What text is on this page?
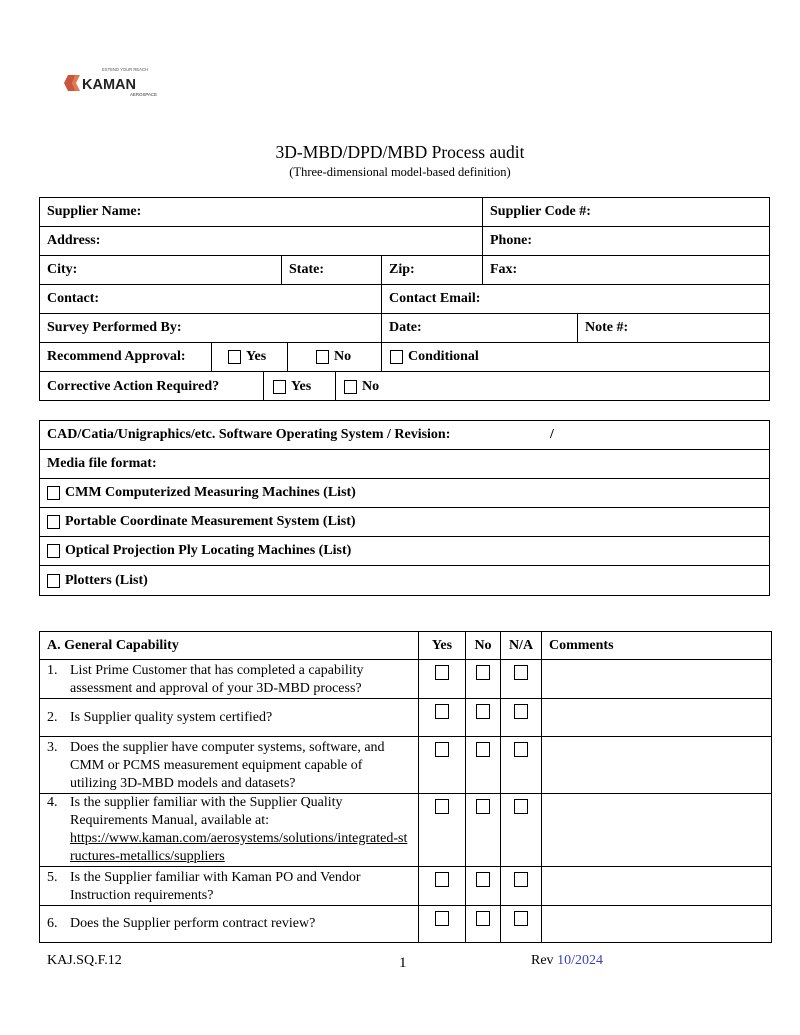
EXTEND YOUR REACH
KAMAN
AEROSPACE
3D-MBD/DPD/MBD Process audit
(Three-dimensional model-based definition)
Supplier Name:	Supplier Code #:
Address:	Phone:
City:	State:	Zip:	Fax:
Contact:	Contact Email:
Survey Performed By:	Date:	Note #:
Recommend Approval:	Yes	No	Conditional
Corrective Action Required?	Yes	No
CAD/Catia/Unigraphics/etc. Software Operating System / Revision:	/
Media file format:
CMM Computerized Measuring Machines (List)
Portable Coordinate Measurement System (List)
Optical Projection Ply Locating Machines (List)
Plotters (List)
A. General Capability	Yes	No	N/A	Comments

1. List Prime Customer that has completed a capability assessment and approval of your 3D-MBD process?				

2. Is Supplier quality system certified?				

3. Does the supplier have computer systems, software, and CMM or PCMS measurement equipment capable of utilizing 3D-MBD models and datasets?				

4. Is the supplier familiar with the Supplier Quality Requirements Manual, available at:
https://www.kaman.com/aerosystems/solutions/integrated-structures-metallics/suppliers				

5. Is the Supplier familiar with Kaman PO and Vendor Instruction requirements?				

6. Does the Supplier perform contract review?				

KAJ.SQ.F.12	1	Rev 10/2024
